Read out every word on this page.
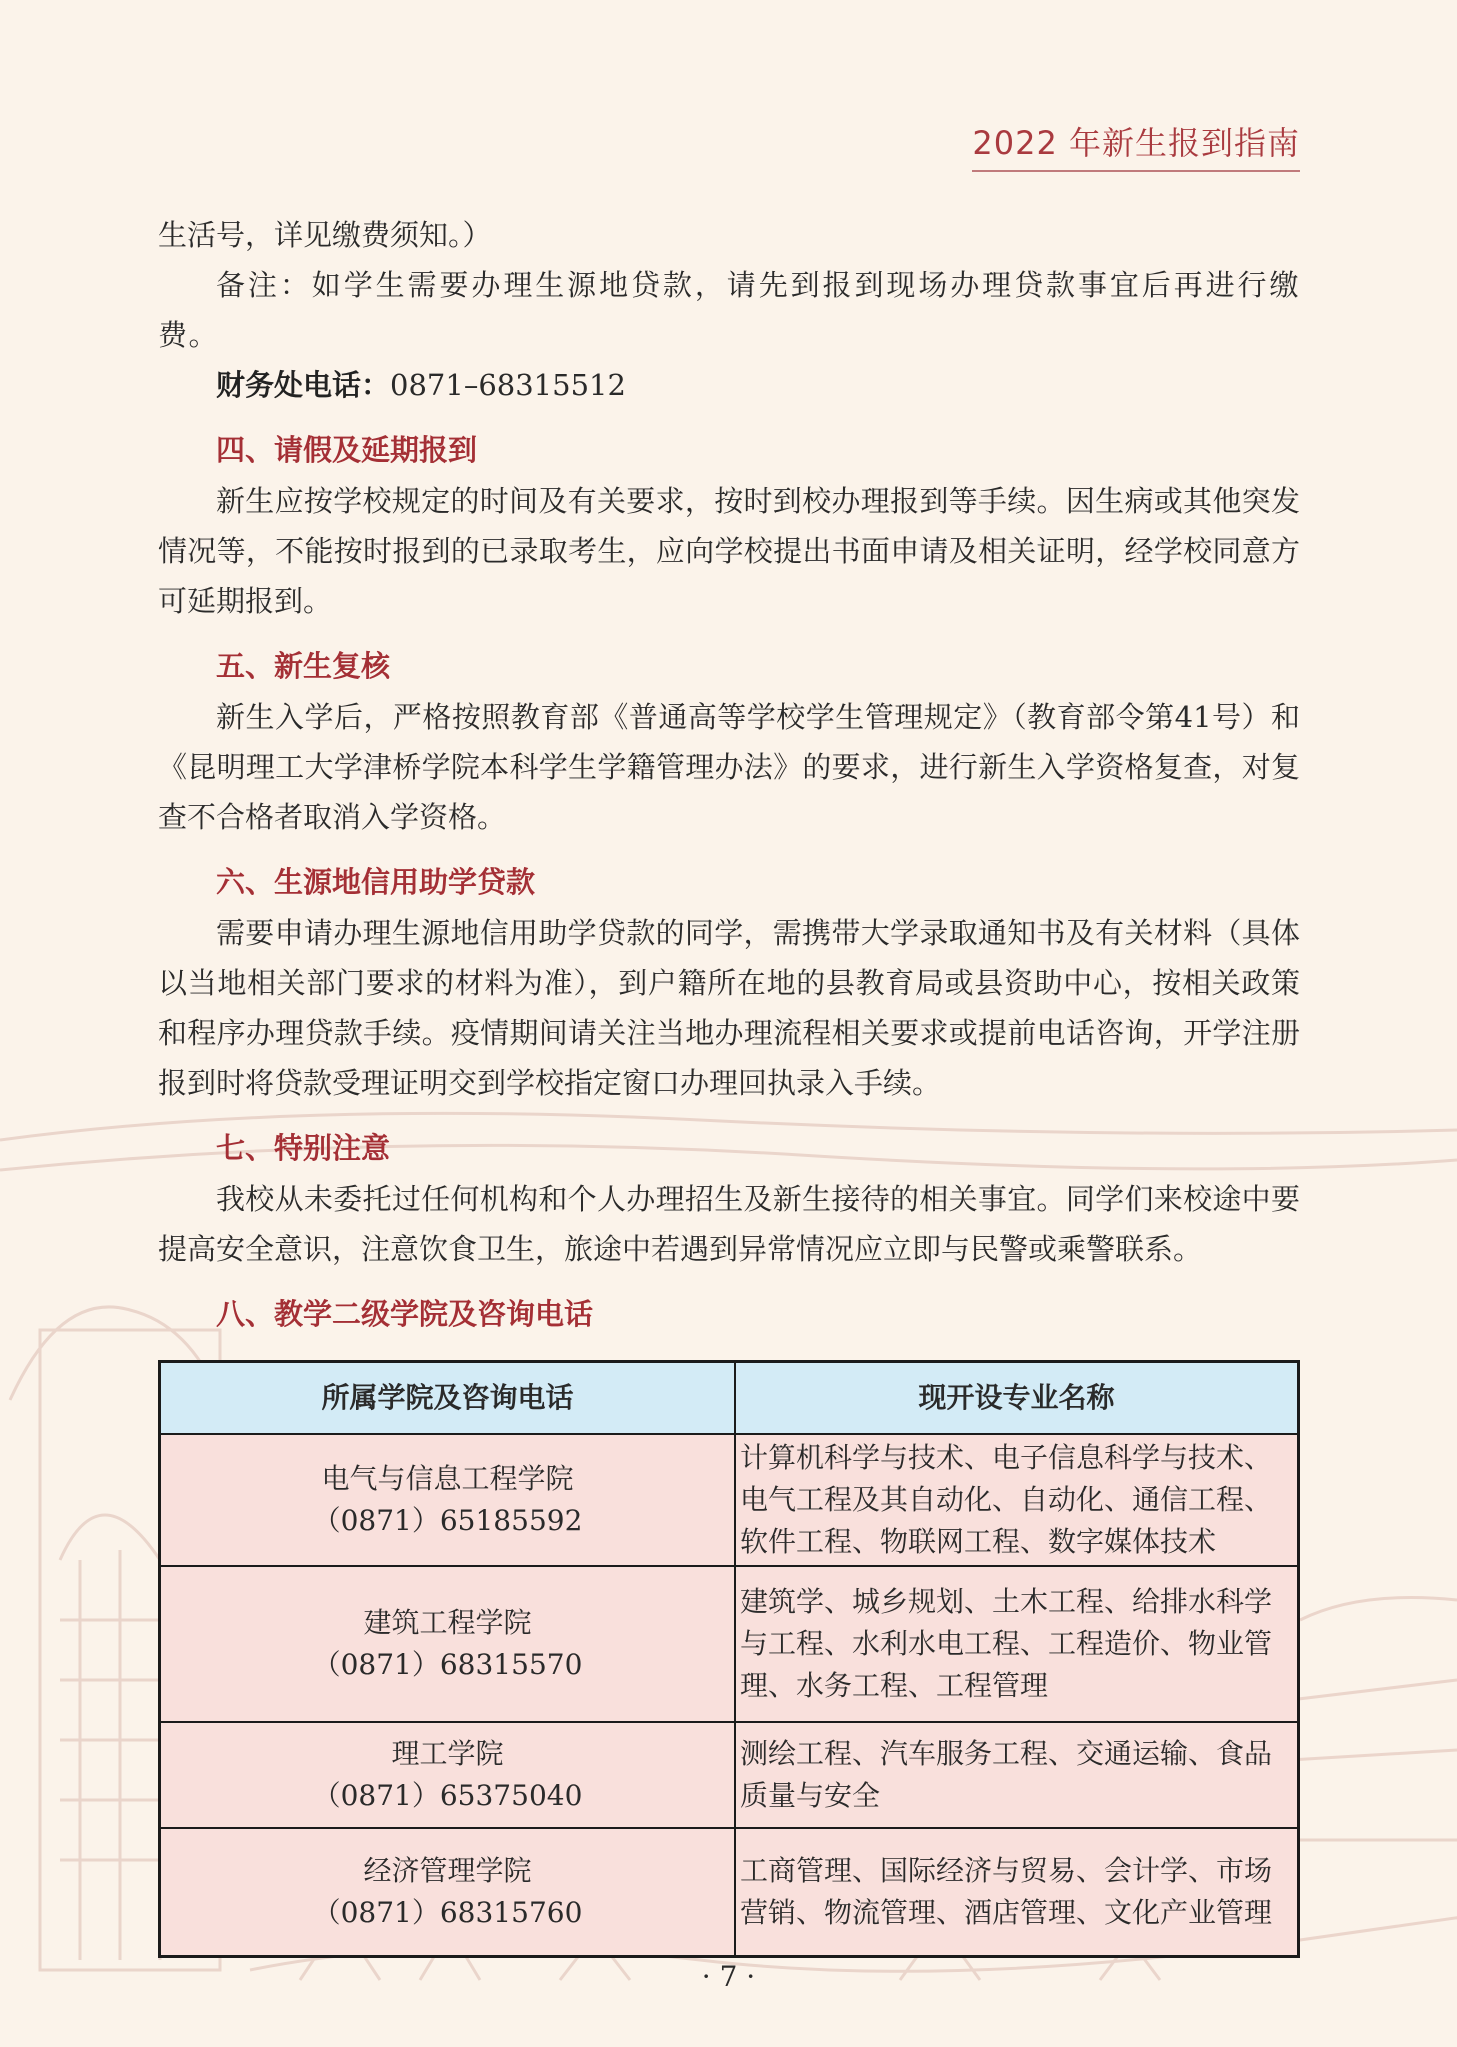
2022 年新生报到指南

生活号，详见缴费须知。）

备注：如学生需要办理生源地贷款，请先到报到现场办理贷款事宜后再进行缴费。

财务处电话：0871–68315512

四、请假及延期报到

新生应按学校规定的时间及有关要求，按时到校办理报到等手续。因生病或其他突发情况等，不能按时报到的已录取考生，应向学校提出书面申请及相关证明，经学校同意方可延期报到。

五、新生复核

新生入学后，严格按照教育部《普通高等学校学生管理规定》（教育部令第41号）和《昆明理工大学津桥学院本科学生学籍管理办法》的要求，进行新生入学资格复查，对复查不合格者取消入学资格。

六、生源地信用助学贷款

需要申请办理生源地信用助学贷款的同学，需携带大学录取通知书及有关材料（具体以当地相关部门要求的材料为准），到户籍所在地的县教育局或县资助中心，按相关政策和程序办理贷款手续。疫情期间请关注当地办理流程相关要求或提前电话咨询，开学注册报到时将贷款受理证明交到学校指定窗口办理回执录入手续。

七、特别注意

我校从未委托过任何机构和个人办理招生及新生接待的相关事宜。同学们来校途中要提高安全意识，注意饮食卫生，旅途中若遇到异常情况应立即与民警或乘警联系。

八、教学二级学院及咨询电话
所属学院及咨询电话	现开设专业名称

电气与信息工程学院
（0871）65185592	计算机科学与技术、电子信息科学与技术、电气工程及其自动化、自动化、通信工程、软件工程、物联网工程、数字媒体技术

建筑工程学院
（0871）68315570	建筑学、城乡规划、土木工程、给排水科学与工程、水利水电工程、工程造价、物业管理、水务工程、工程管理

理工学院
（0871）65375040	测绘工程、汽车服务工程、交通运输、食品质量与安全

经济管理学院
（0871）68315760	工商管理、国际经济与贸易、会计学、市场营销、物流管理、酒店管理、文化产业管理
· 7 ·
